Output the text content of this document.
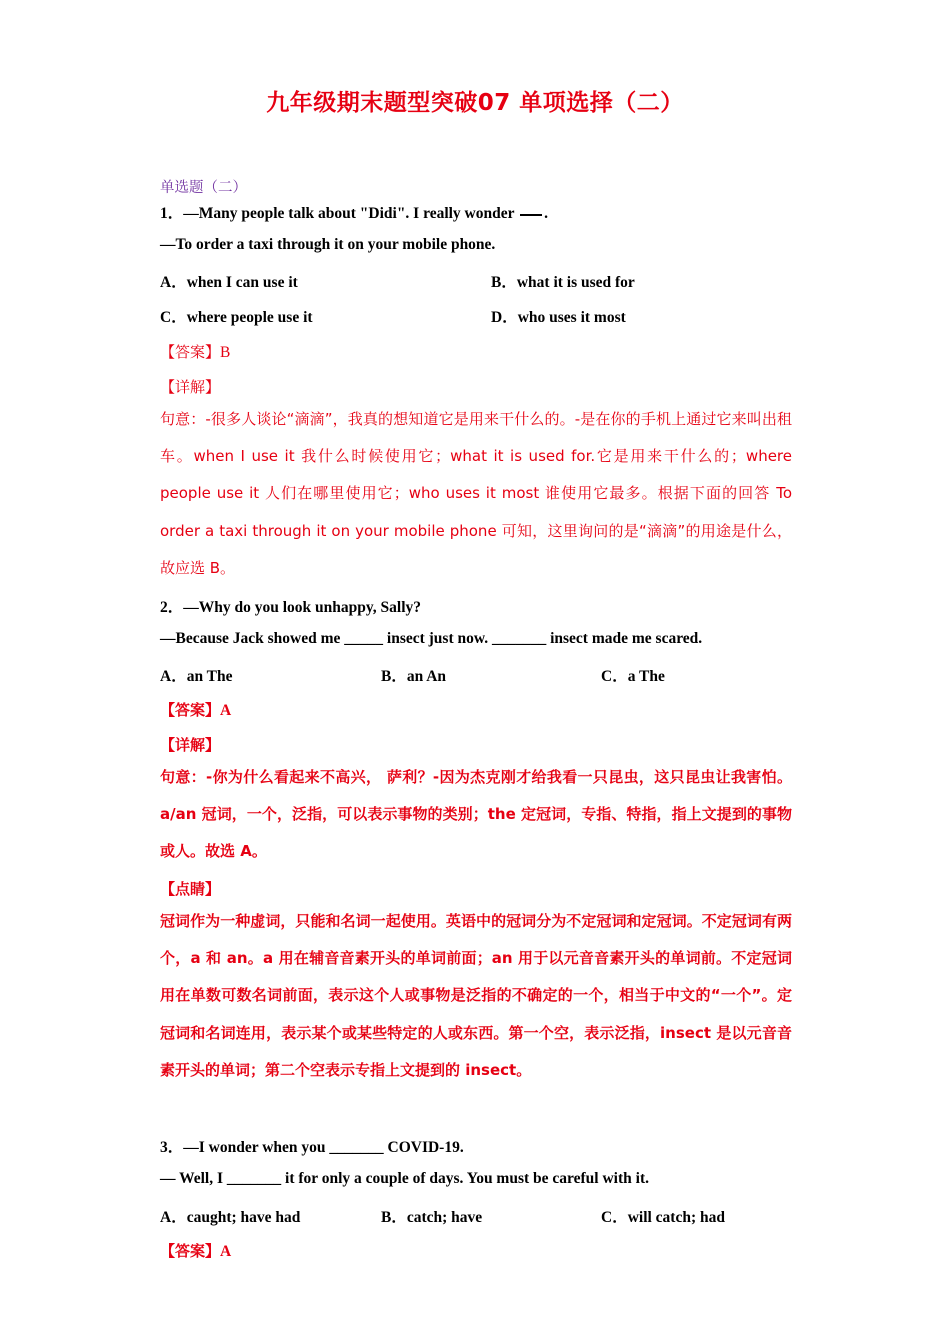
九年级期末题型突破07 单项选择（二）
单选题（二）
1．—Many people talk about "Didi". I really wonder .
—To order a taxi through it on your mobile phone.
A．when I can use it	B．what it is used for
C．where people use it	D．who uses it most
【答案】B
【详解】

句意：-很多人谈论“滴滴”，我真的想知道它是用来干什么的。-是在你的手机上通过它来叫出租车。when I use it 我什么时候使用它；what it is used for.它是用来干什么的；where people use it 人们在哪里使用它；who uses it most 谁使用它最多。根据下面的回答 To order a taxi through it on your mobile phone 可知，这里询问的是“滴滴”的用途是什么，故应选 B。

2．—Why do you look unhappy, Sally?
—Because Jack showed me _____ insect just now. _______ insect made me scared.
A．an The	B．an An	C．a The
【答案】A
【详解】

句意：-你为什么看起来不高兴， 萨利？-因为杰克刚才给我看一只昆虫，这只昆虫让我害怕。a/an 冠词，一个，泛指，可以表示事物的类别；the 定冠词，专指、特指，指上文提到的事物或人。故选 A。

【点睛】

冠词作为一种虚词，只能和名词一起使用。英语中的冠词分为不定冠词和定冠词。不定冠词有两个，a 和 an。a 用在辅音音素开头的单词前面；an 用于以元音音素开头的单词前。不定冠词用在单数可数名词前面，表示这个人或事物是泛指的不确定的一个，相当于中文的“一个”。定冠词和名词连用，表示某个或某些特定的人或东西。第一个空，表示泛指，insect 是以元音音素开头的单词；第二个空表示专指上文提到的 insect。

3．—I wonder when you _______ COVID-19.
— Well, I _______ it for only a couple of days. You must be careful with it.
A．caught; have had	B．catch; have	C．will catch; had
【答案】A
